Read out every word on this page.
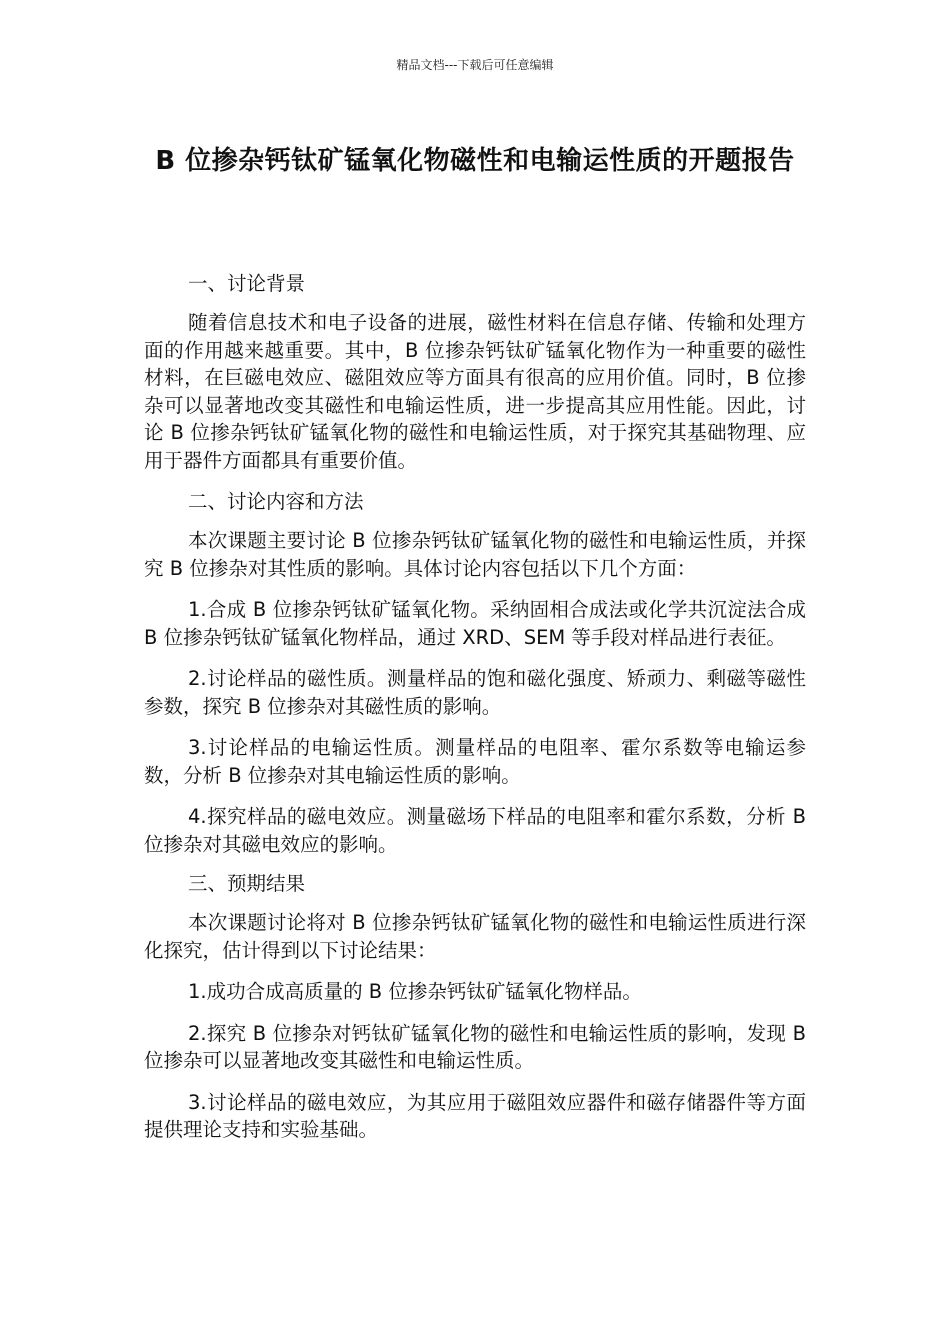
精品文档---下载后可任意编辑
B 位掺杂钙钛矿锰氧化物磁性和电输运性质的开题报告

一、讨论背景

随着信息技术和电子设备的进展，磁性材料在信息存储、传输和处理方面的作用越来越重要。其中，B 位掺杂钙钛矿锰氧化物作为一种重要的磁性材料，在巨磁电效应、磁阻效应等方面具有很高的应用价值。同时，B 位掺杂可以显著地改变其磁性和电输运性质，进一步提高其应用性能。因此，讨论 B 位掺杂钙钛矿锰氧化物的磁性和电输运性质，对于探究其基础物理、应用于器件方面都具有重要价值。

二、讨论内容和方法

本次课题主要讨论 B 位掺杂钙钛矿锰氧化物的磁性和电输运性质，并探究 B 位掺杂对其性质的影响。具体讨论内容包括以下几个方面：

1.合成 B 位掺杂钙钛矿锰氧化物。采纳固相合成法或化学共沉淀法合成 B 位掺杂钙钛矿锰氧化物样品，通过 XRD、SEM 等手段对样品进行表征。

2.讨论样品的磁性质。测量样品的饱和磁化强度、矫顽力、剩磁等磁性参数，探究 B 位掺杂对其磁性质的影响。

3.讨论样品的电输运性质。测量样品的电阻率、霍尔系数等电输运参数，分析 B 位掺杂对其电输运性质的影响。

4.探究样品的磁电效应。测量磁场下样品的电阻率和霍尔系数，分析 B 位掺杂对其磁电效应的影响。

三、预期结果

本次课题讨论将对 B 位掺杂钙钛矿锰氧化物的磁性和电输运性质进行深化探究，估计得到以下讨论结果：

1.成功合成高质量的 B 位掺杂钙钛矿锰氧化物样品。

2.探究 B 位掺杂对钙钛矿锰氧化物的磁性和电输运性质的影响，发现 B 位掺杂可以显著地改变其磁性和电输运性质。

3.讨论样品的磁电效应，为其应用于磁阻效应器件和磁存储器件等方面提供理论支持和实验基础。
